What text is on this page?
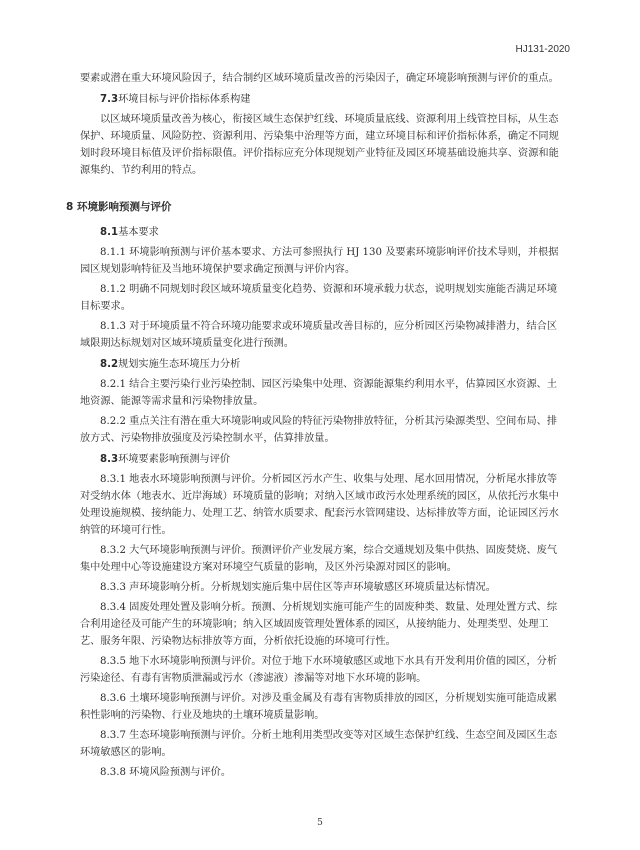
HJ131-2020

要素或潜在重大环境风险因子，结合制约区域环境质量改善的污染因子，确定环境影响预测与评价的重点。

7.3环境目标与评价指标体系构建

以区域环境质量改善为核心，衔接区域生态保护红线、环境质量底线、资源利用上线管控目标，从生态保护、环境质量、风险防控、资源利用、污染集中治理等方面，建立环境目标和评价指标体系，确定不同规划时段环境目标值及评价指标限值。评价指标应充分体现规划产业特征及园区环境基础设施共享、资源和能源集约、节约利用的特点。

8 环境影响预测与评价

8.1基本要求

8.1.1 环境影响预测与评价基本要求、方法可参照执行 HJ 130 及要素环境影响评价技术导则，并根据园区规划影响特征及当地环境保护要求确定预测与评价内容。

8.1.2 明确不同规划时段区域环境质量变化趋势、资源和环境承载力状态，说明规划实施能否满足环境目标要求。

8.1.3 对于环境质量不符合环境功能要求或环境质量改善目标的，应分析园区污染物减排潜力，结合区域限期达标规划对区域环境质量变化进行预测。

8.2规划实施生态环境压力分析

8.2.1 结合主要污染行业污染控制、园区污染集中处理、资源能源集约利用水平，估算园区水资源、土地资源、能源等需求量和污染物排放量。

8.2.2 重点关注有潜在重大环境影响或风险的特征污染物排放特征，分析其污染源类型、空间布局、排放方式、污染物排放强度及污染控制水平，估算排放量。

8.3环境要素影响预测与评价

8.3.1 地表水环境影响预测与评价。分析园区污水产生、收集与处理、尾水回用情况，分析尾水排放等对受纳水体（地表水、近岸海域）环境质量的影响；对纳入区域市政污水处理系统的园区，从依托污水集中处理设施规模、接纳能力、处理工艺、纳管水质要求、配套污水管网建设、达标排放等方面，论证园区污水纳管的环境可行性。

8.3.2 大气环境影响预测与评价。预测评价产业发展方案，综合交通规划及集中供热、固废焚烧、废气集中处理中心等设施建设方案对环境空气质量的影响，及区外污染源对园区的影响。

8.3.3 声环境影响分析。分析规划实施后集中居住区等声环境敏感区环境质量达标情况。

8.3.4 固废处理处置及影响分析。预测、分析规划实施可能产生的固废种类、数量、处理处置方式、综合利用途径及可能产生的环境影响；纳入区域固废管理处置体系的园区，从接纳能力、处理类型、处理工艺、服务年限、污染物达标排放等方面，分析依托设施的环境可行性。

8.3.5 地下水环境影响预测与评价。对位于地下水环境敏感区或地下水具有开发利用价值的园区，分析污染途径、有毒有害物质泄漏或污水（渗滤液）渗漏等对地下水环境的影响。

8.3.6 土壤环境影响预测与评价。对涉及重金属及有毒有害物质排放的园区，分析规划实施可能造成累积性影响的污染物、行业及地块的土壤环境质量影响。

8.3.7 生态环境影响预测与评价。分析土地利用类型改变等对区域生态保护红线、生态空间及园区生态环境敏感区的影响。

8.3.8 环境风险预测与评价。

5
